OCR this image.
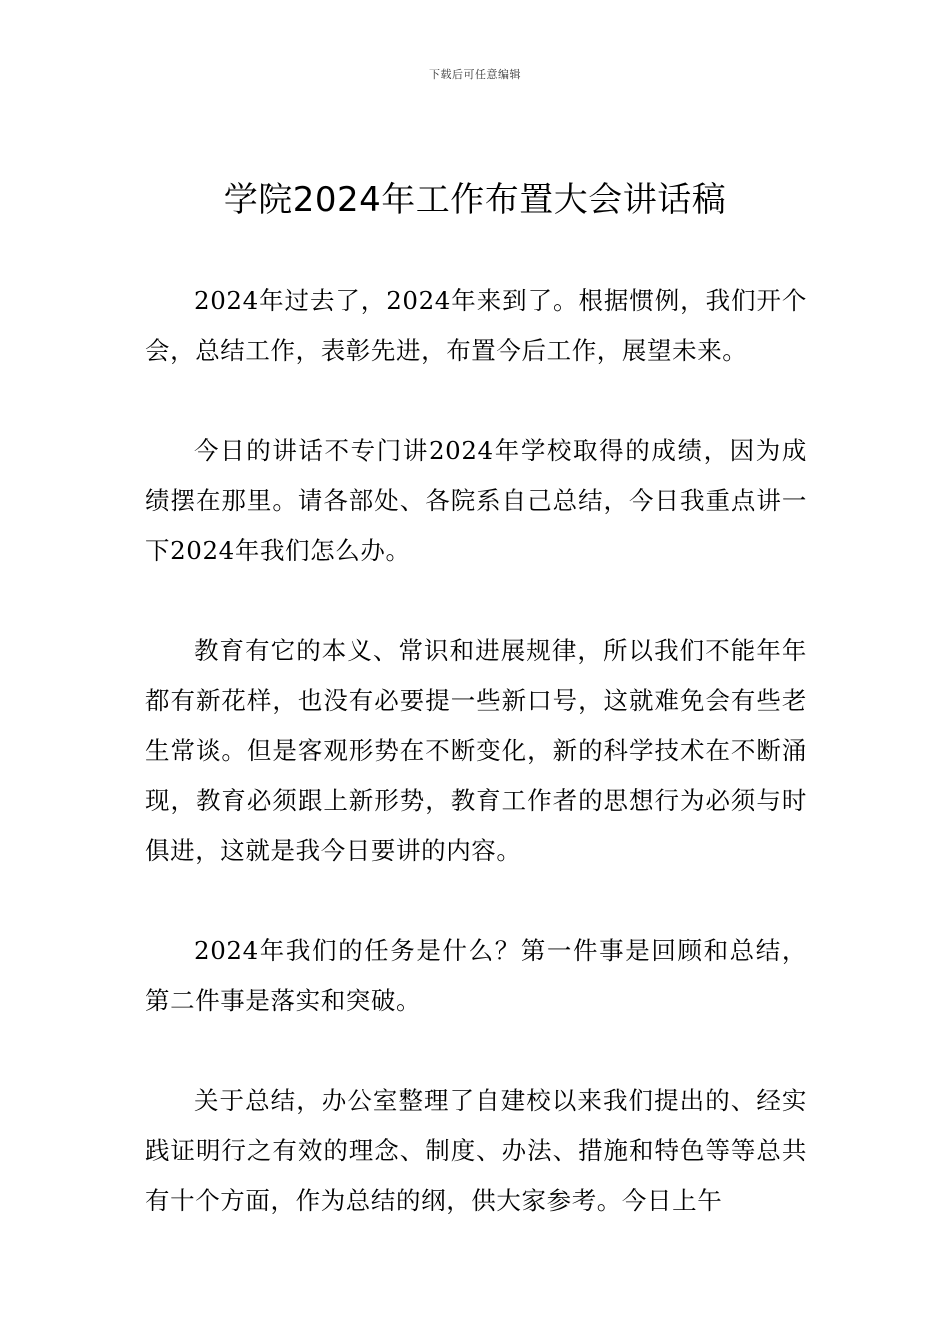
下载后可任意编辑
学院2024年工作布置大会讲话稿

2024年过去了，2024年来到了。根据惯例，我们开个会，总结工作，表彰先进，布置今后工作，展望未来。

今日的讲话不专门讲2024年学校取得的成绩，因为成绩摆在那里。请各部处、各院系自己总结，今日我重点讲一下2024年我们怎么办。

教育有它的本义、常识和进展规律，所以我们不能年年都有新花样，也没有必要提一些新口号，这就难免会有些老生常谈。但是客观形势在不断变化，新的科学技术在不断涌现，教育必须跟上新形势，教育工作者的思想行为必须与时俱进，这就是我今日要讲的内容。

2024年我们的任务是什么？第一件事是回顾和总结，第二件事是落实和突破。

关于总结，办公室整理了自建校以来我们提出的、经实践证明行之有效的理念、制度、办法、措施和特色等等总共有十个方面，作为总结的纲，供大家参考。今日上午
